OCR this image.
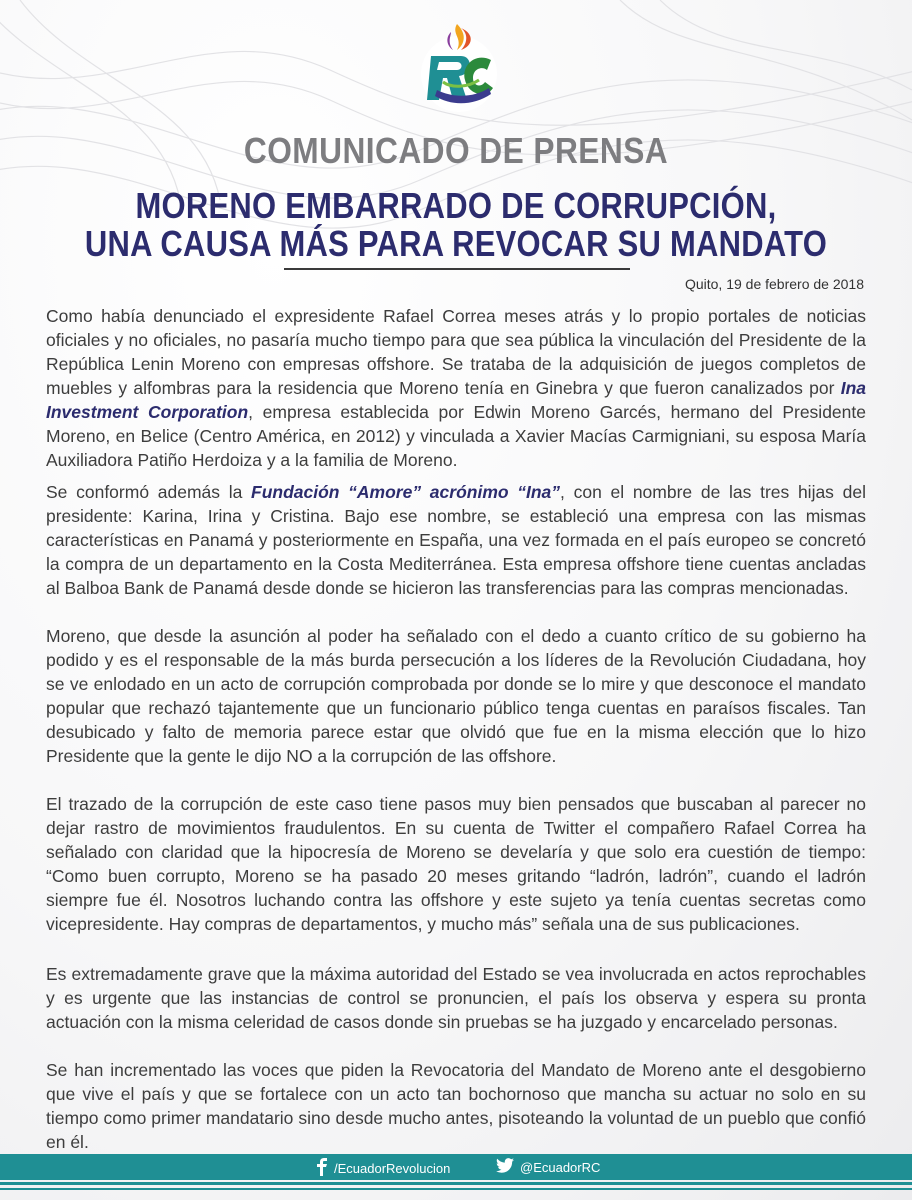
COMUNICADO DE PRENSA
MORENO EMBARRADO DE CORRUPCIÓN,
UNA CAUSA MÁS PARA REVOCAR SU MANDATO
Quito, 19 de febrero de 2018

Como había denunciado el expresidente Rafael Correa meses atrás y lo propio portales de noticias oficiales y no oficiales, no pasaría mucho tiempo para que sea pública la vinculación del Presidente de la República Lenin Moreno con empresas offshore. Se trataba de la adquisición de juegos completos de muebles y alfombras para la residencia que Moreno tenía en Ginebra y que fueron canalizados por Ina Investment Corporation, empresa establecida por Edwin Moreno Garcés, hermano del Presidente Moreno, en Belice (Centro América, en 2012) y vinculada a Xavier Macías Carmigniani, su esposa María Auxiliadora Patiño Herdoiza y a la familia de Moreno.

Se conformó además la Fundación “Amore” acrónimo “Ina”, con el nombre de las tres hijas del presidente: Karina, Irina y Cristina. Bajo ese nombre, se estableció una empresa con las mismas características en Panamá y posteriormente en España, una vez formada en el país europeo se concretó la compra de un departamento en la Costa Mediterránea. Esta empresa offshore tiene cuentas ancladas al Balboa Bank de Panamá desde donde se hicieron las transferencias para las compras mencionadas.

Moreno, que desde la asunción al poder ha señalado con el dedo a cuanto crítico de su gobierno ha podido y es el responsable de la más burda persecución a los líderes de la Revolución Ciudadana, hoy se ve enlodado en un acto de corrupción comprobada por donde se lo mire y que desconoce el mandato popular que rechazó tajantemente que un funcionario público tenga cuentas en paraísos fiscales. Tan desubicado y falto de memoria parece estar que olvidó que fue en la misma elección que lo hizo Presidente que la gente le dijo NO a la corrupción de las offshore.

El trazado de la corrupción de este caso tiene pasos muy bien pensados que buscaban al parecer no dejar rastro de movimientos fraudulentos. En su cuenta de Twitter el compañero Rafael Correa ha señalado con claridad que la hipocresía de Moreno se develaría y que solo era cuestión de tiempo: “Como buen corrupto, Moreno se ha pasado 20 meses gritando “ladrón, ladrón”, cuando el ladrón siempre fue él. Nosotros luchando contra las offshore y este sujeto ya tenía cuentas secretas como vicepresidente. Hay compras de departamentos, y mucho más” señala una de sus publicaciones.

Es extremadamente grave que la máxima autoridad del Estado se vea involucrada en actos reprochables y es urgente que las instancias de control se pronuncien, el país los observa y espera su pronta actuación con la misma celeridad de casos donde sin pruebas se ha juzgado y encarcelado personas.

Se han incrementado las voces que piden la Revocatoria del Mandato de Moreno ante el desgobierno que vive el país y que se fortalece con un acto tan bochornoso que mancha su actuar no solo en su tiempo como primer mandatario sino desde mucho antes, pisoteando la voluntad de un pueblo que confió en él.

/EcuadorRevolucion	@EcuadorRC
